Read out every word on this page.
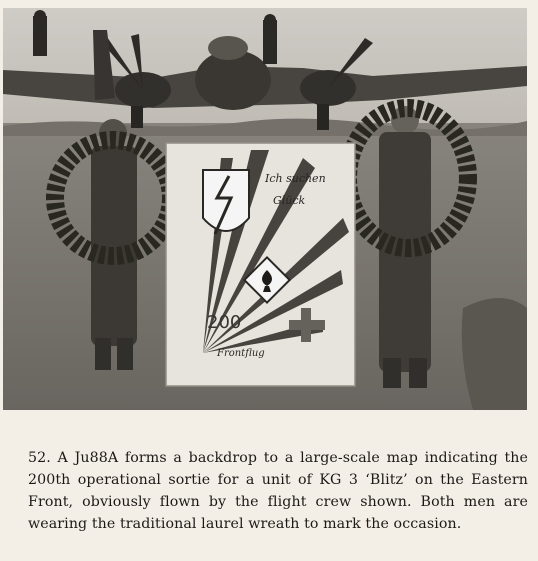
Ich suchen
Glück
200
Frontflug

52. A Ju88A forms a backdrop to a large-scale map indicating the 200th operational sortie for a unit of KG 3 ‘Blitz’ on the Eastern Front, obviously flown by the flight crew shown. Both men are wearing the traditional laurel wreath to mark the occasion.
